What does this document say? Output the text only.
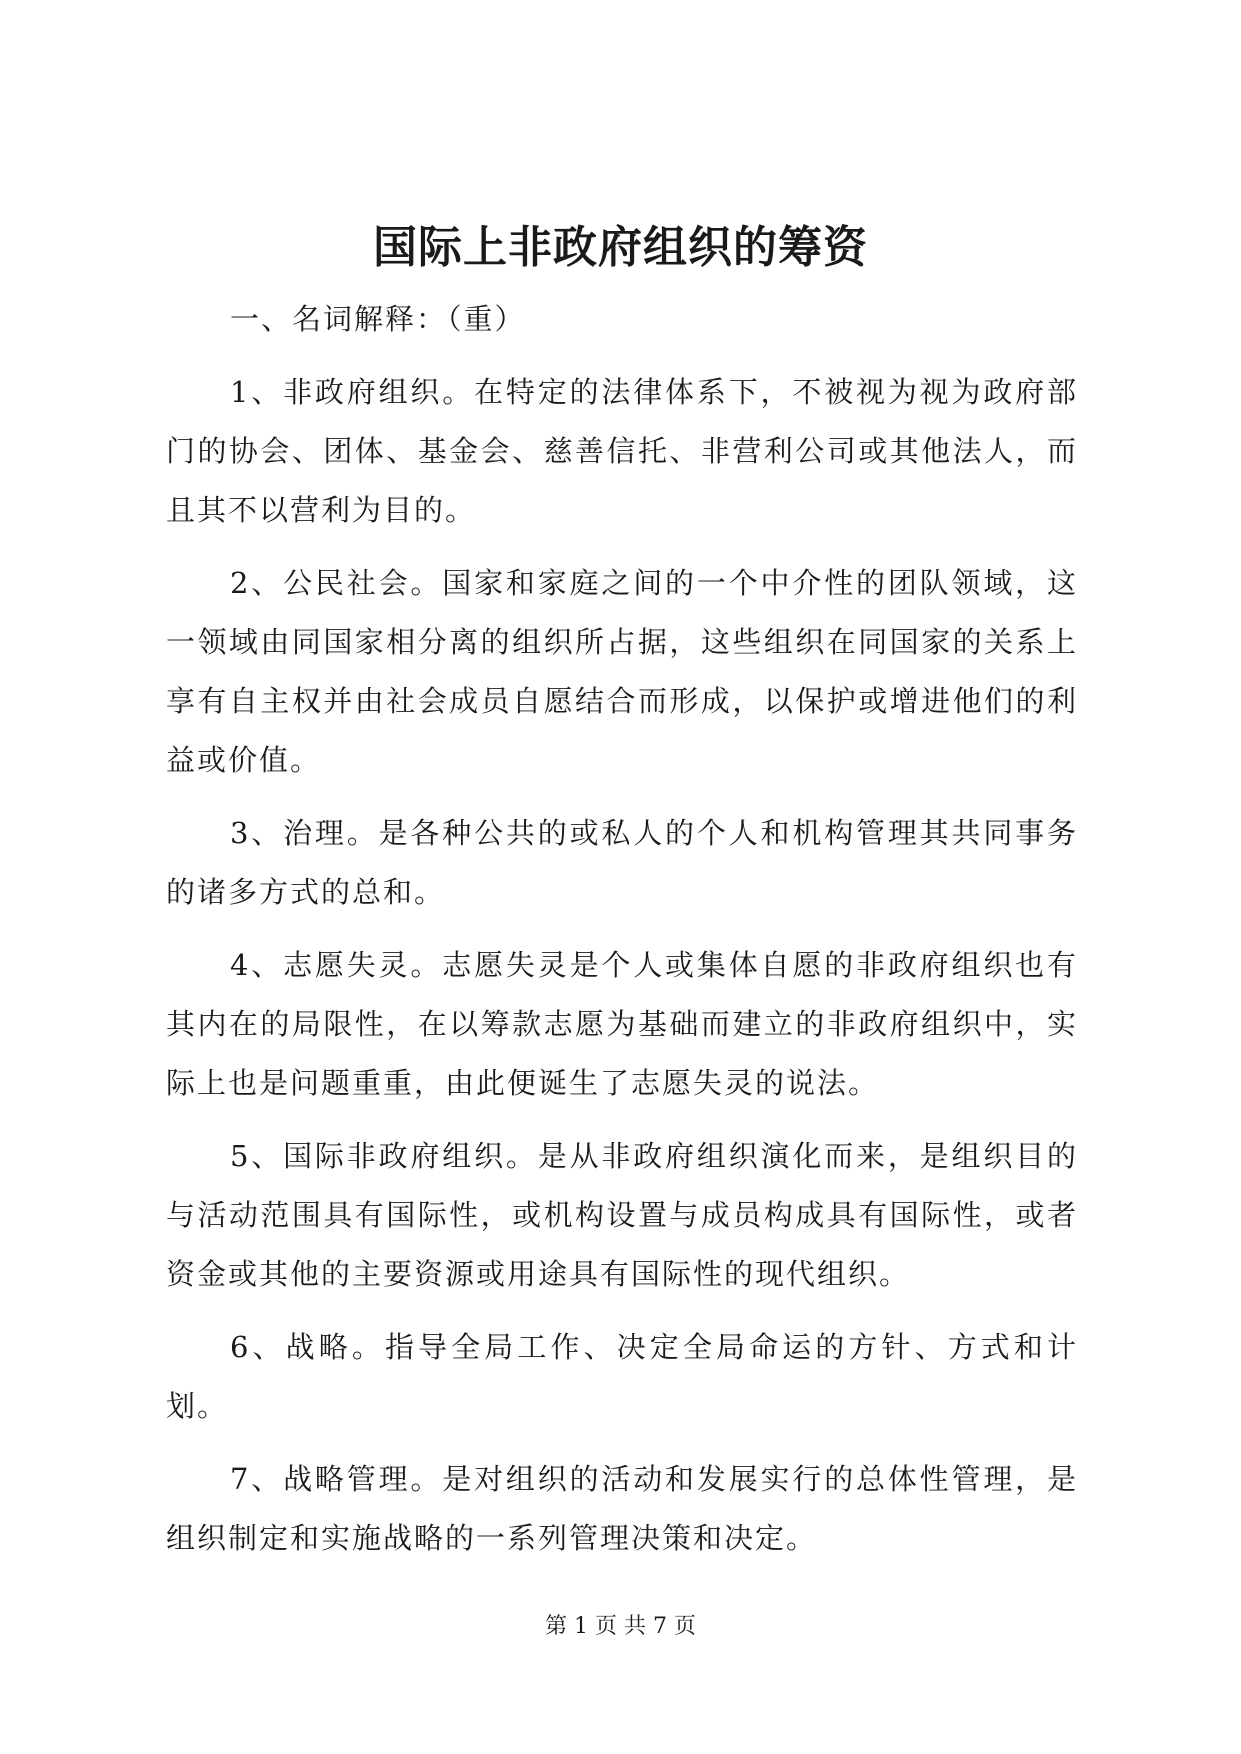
国际上非政府组织的筹资

一、名词解释：（重）

1、非政府组织。在特定的法律体系下，不被视为视为政府部门的协会、团体、基金会、慈善信托、非营利公司或其他法人，而且其不以营利为目的。

2、公民社会。国家和家庭之间的一个中介性的团队领域，这一领域由同国家相分离的组织所占据，这些组织在同国家的关系上享有自主权并由社会成员自愿结合而形成，以保护或增进他们的利益或价值。

3、治理。是各种公共的或私人的个人和机构管理其共同事务的诸多方式的总和。

4、志愿失灵。志愿失灵是个人或集体自愿的非政府组织也有其内在的局限性，在以筹款志愿为基础而建立的非政府组织中，实际上也是问题重重，由此便诞生了志愿失灵的说法。

5、国际非政府组织。是从非政府组织演化而来，是组织目的与活动范围具有国际性，或机构设置与成员构成具有国际性，或者资金或其他的主要资源或用途具有国际性的现代组织。

6、战略。指导全局工作、决定全局命运的方针、方式和计划。

7、战略管理。是对组织的活动和发展实行的总体性管理，是组织制定和实施战略的一系列管理决策和决定。

第 1 页 共 7 页
